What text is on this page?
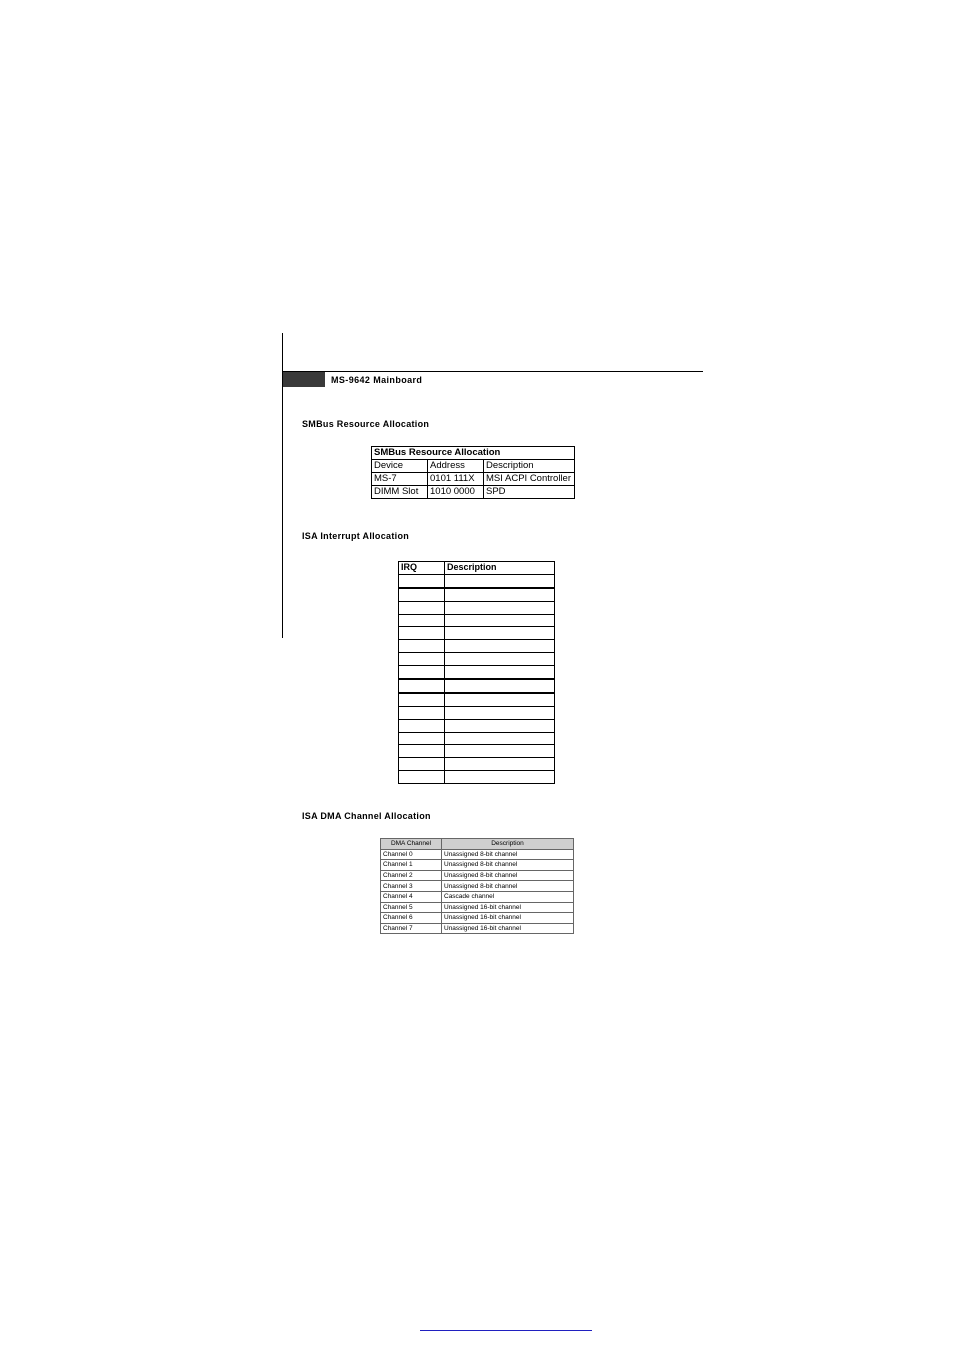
MS-9642 Mainboard
SMBus Resource Allocation
SMBus Resource Allocation		
Device	Address	Description
MS-7	0101 111X	MSI ACPI Controller
DIMM Slot	1010 0000	SPD
ISA Interrupt Allocation
IRQ	Description

ISA DMA Channel Allocation
DMA Channel	Description
Channel 0	Unassigned 8-bit channel
Channel 1	Unassigned 8-bit channel
Channel 2	Unassigned 8-bit channel
Channel 3	Unassigned 8-bit channel
Channel 4	Cascade channel
Channel 5	Unassigned 16-bit channel
Channel 6	Unassigned 16-bit channel
Channel 7	Unassigned 16-bit channel
